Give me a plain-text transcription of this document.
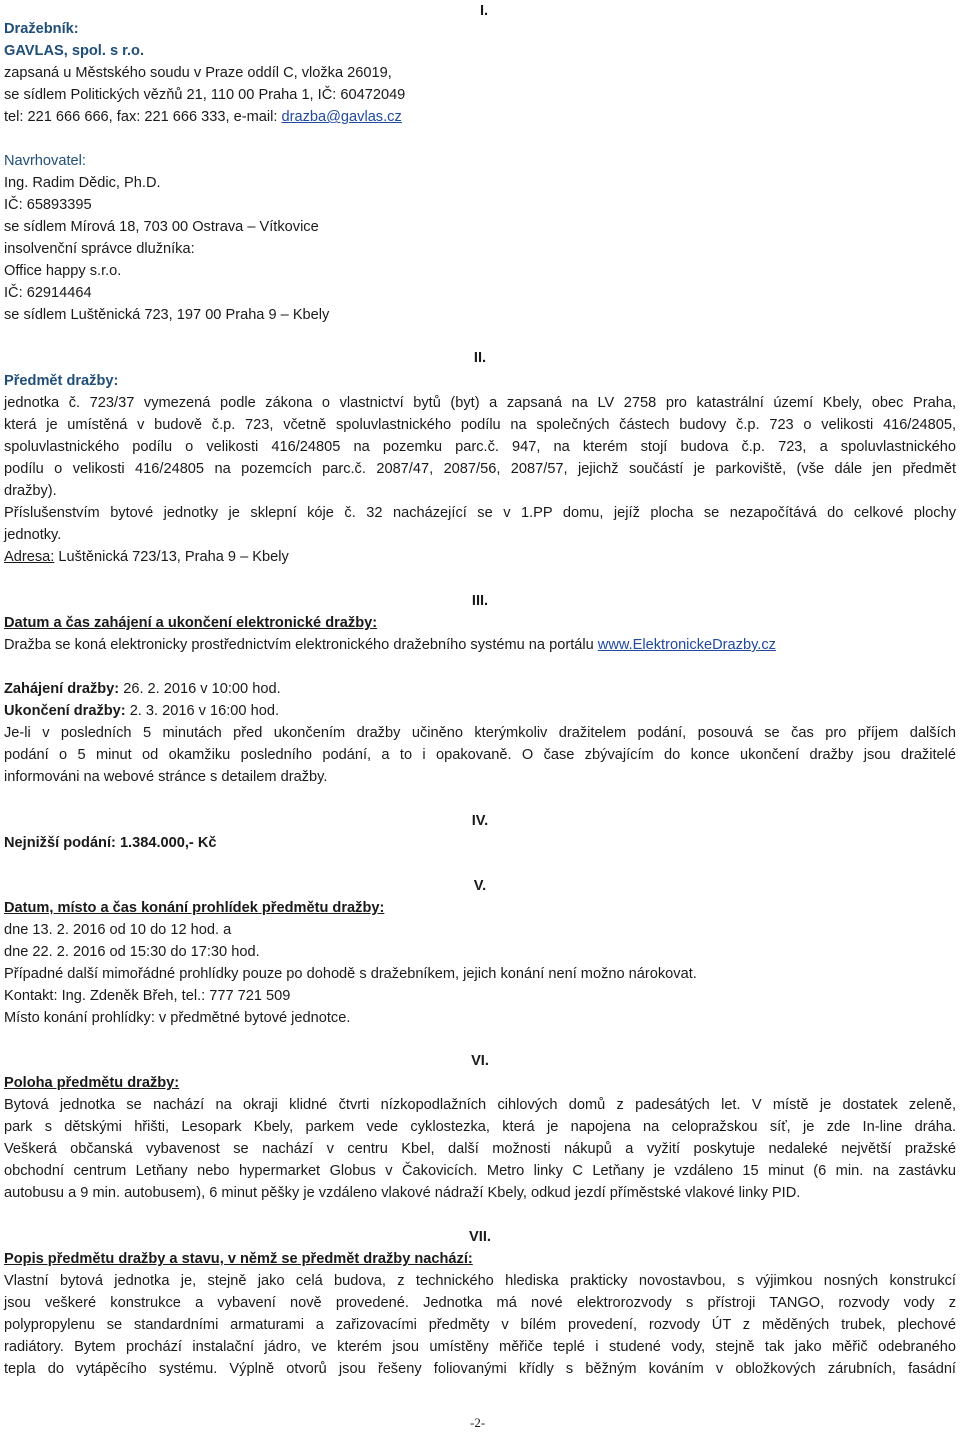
I.
Dražebník:
GAVLAS, spol. s r.o.
zapsaná u Městského soudu v Praze oddíl C, vložka 26019,
se sídlem Politických vězňů 21, 110 00 Praha 1, IČ: 60472049
tel: 221 666 666, fax: 221 666 333, e-mail: drazba@gavlas.cz
Navrhovatel:
Ing. Radim Dědic, Ph.D.
IČ: 65893395
se sídlem Mírová 18, 703 00 Ostrava – Vítkovice
insolvenční správce dlužníka:
Office happy s.r.o.
IČ: 62914464
se sídlem Luštěnická 723, 197 00 Praha 9 – Kbely
II.
Předmět dražby:
jednotka č. 723/37 vymezená podle zákona o vlastnictví bytů (byt) a zapsaná na LV 2758 pro katastrální území Kbely, obec Praha,
která je umístěná v budově č.p. 723, včetně spoluvlastnického podílu na společných částech budovy č.p. 723 o velikosti 416/24805,
spoluvlastnického podílu o velikosti 416/24805 na pozemku parc.č. 947, na kterém stojí budova č.p. 723, a spoluvlastnického
podílu o velikosti 416/24805 na pozemcích parc.č. 2087/47, 2087/56, 2087/57, jejichž součástí je parkoviště, (vše dále jen předmět
dražby).
Příslušenstvím bytové jednotky je sklepní kóje č. 32 nacházející se v 1.PP domu, jejíž plocha se nezapočítává do celkové plochy
jednotky.
Adresa: Luštěnická 723/13, Praha 9 – Kbely
III.
Datum a čas zahájení a ukončení elektronické dražby:
Dražba se koná elektronicky prostřednictvím elektronického dražebního systému na portálu www.ElektronickeDrazby.cz
Zahájení dražby: 26. 2. 2016 v 10:00 hod.
Ukončení dražby: 2. 3. 2016 v 16:00 hod.
Je-li v posledních 5 minutách před ukončením dražby učiněno kterýmkoliv dražitelem podání, posouvá se čas pro příjem dalších
podání o 5 minut od okamžiku posledního podání, a to i opakovaně. O čase zbývajícím do konce ukončení dražby jsou dražitelé
informováni na webové stránce s detailem dražby.
IV.
Nejnižší podání: 1.384.000,- Kč
V.
Datum, místo a čas konání prohlídek předmětu dražby:
dne 13. 2. 2016 od 10 do 12 hod. a
dne 22. 2. 2016 od 15:30 do 17:30 hod.
Případné další mimořádné prohlídky pouze po dohodě s dražebníkem, jejich konání není možno nárokovat.
Kontakt: Ing. Zdeněk Břeh, tel.: 777 721 509
Místo konání prohlídky: v předmětné bytové jednotce.
VI.
Poloha předmětu dražby:
Bytová jednotka se nachází na okraji klidné čtvrti nízkopodlažních cihlových domů z padesátých let. V místě je dostatek zeleně,
park s dětskými hřišti, Lesopark Kbely, parkem vede cyklostezka, která je napojena na celopražskou síť, je zde In-line dráha.
Veškerá občanská vybavenost se nachází v centru Kbel, další možnosti nákupů a vyžití poskytuje nedaleké největší pražské
obchodní centrum Letňany nebo hypermarket Globus v Čakovicích. Metro linky C Letňany je vzdáleno 15 minut (6 min. na zastávku
autobusu a 9 min. autobusem), 6 minut pěšky je vzdáleno vlakové nádraží Kbely, odkud jezdí příměstské vlakové linky PID.
VII.
Popis předmětu dražby a stavu, v němž se předmět dražby nachází:
Vlastní bytová jednotka je, stejně jako celá budova, z technického hlediska prakticky novostavbou, s výjimkou nosných konstrukcí
jsou veškeré konstrukce a vybavení nově provedené. Jednotka má nové elektrorozvody s přístroji TANGO, rozvody vody z
polypropylenu se standardními armaturami a zařizovacími předměty v bílém provedení, rozvody ÚT z měděných trubek, plechové
radiátory. Bytem prochází instalační jádro, ve kterém jsou umístěny měřiče teplé i studené vody, stejně tak jako měřič odebraného
tepla do vytápěcího systému. Výplně otvorů jsou řešeny foliovanými křídly s běžným kováním v obložkových zárubních, fasádní
-2-
